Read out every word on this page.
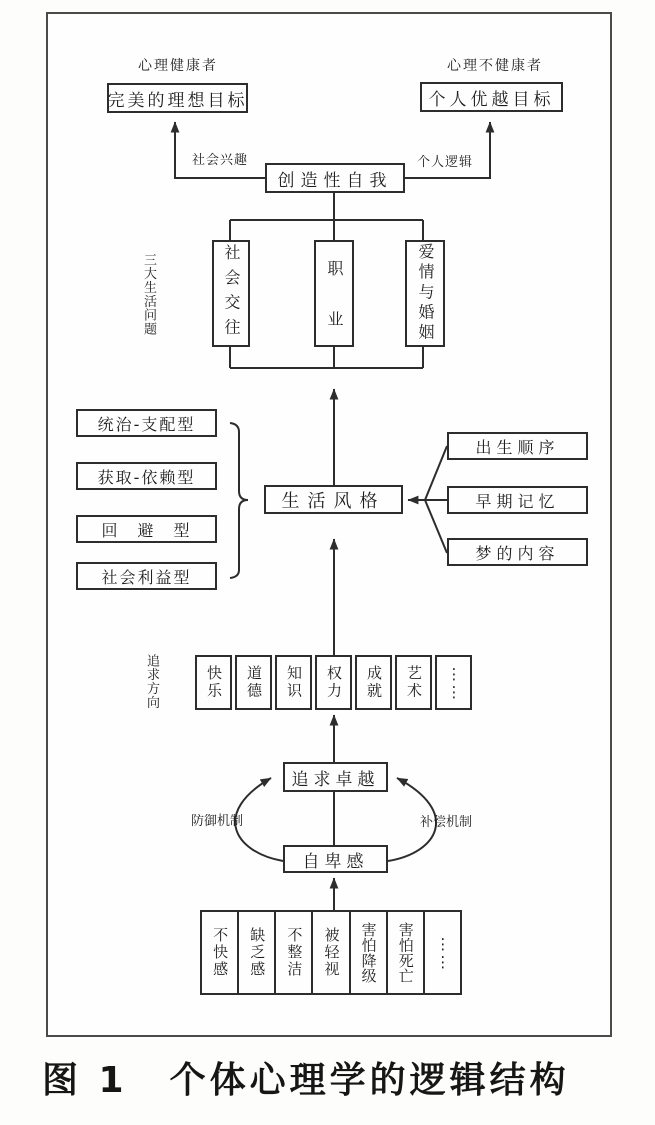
心理健康者	心理不健康者
完美的理想目标	个人优越目标
创造性自我
社会兴趣	个人逻辑
三大生活问题	社会交往	职　　业	爱情与婚姻
统治-支配型
获取-依赖型
回　避　型
社会利益型
生活风格
出生顺序
早期记忆
梦的内容
追求方向	快乐	道德	知识	权力	成就	艺术	⋮⋮
追求卓越
自卑感
防御机制	补偿机制
不快感	缺乏感	不整洁	被轻视	害怕降级	害怕死亡	⋮⋮
图 1 个体心理学的逻辑结构
